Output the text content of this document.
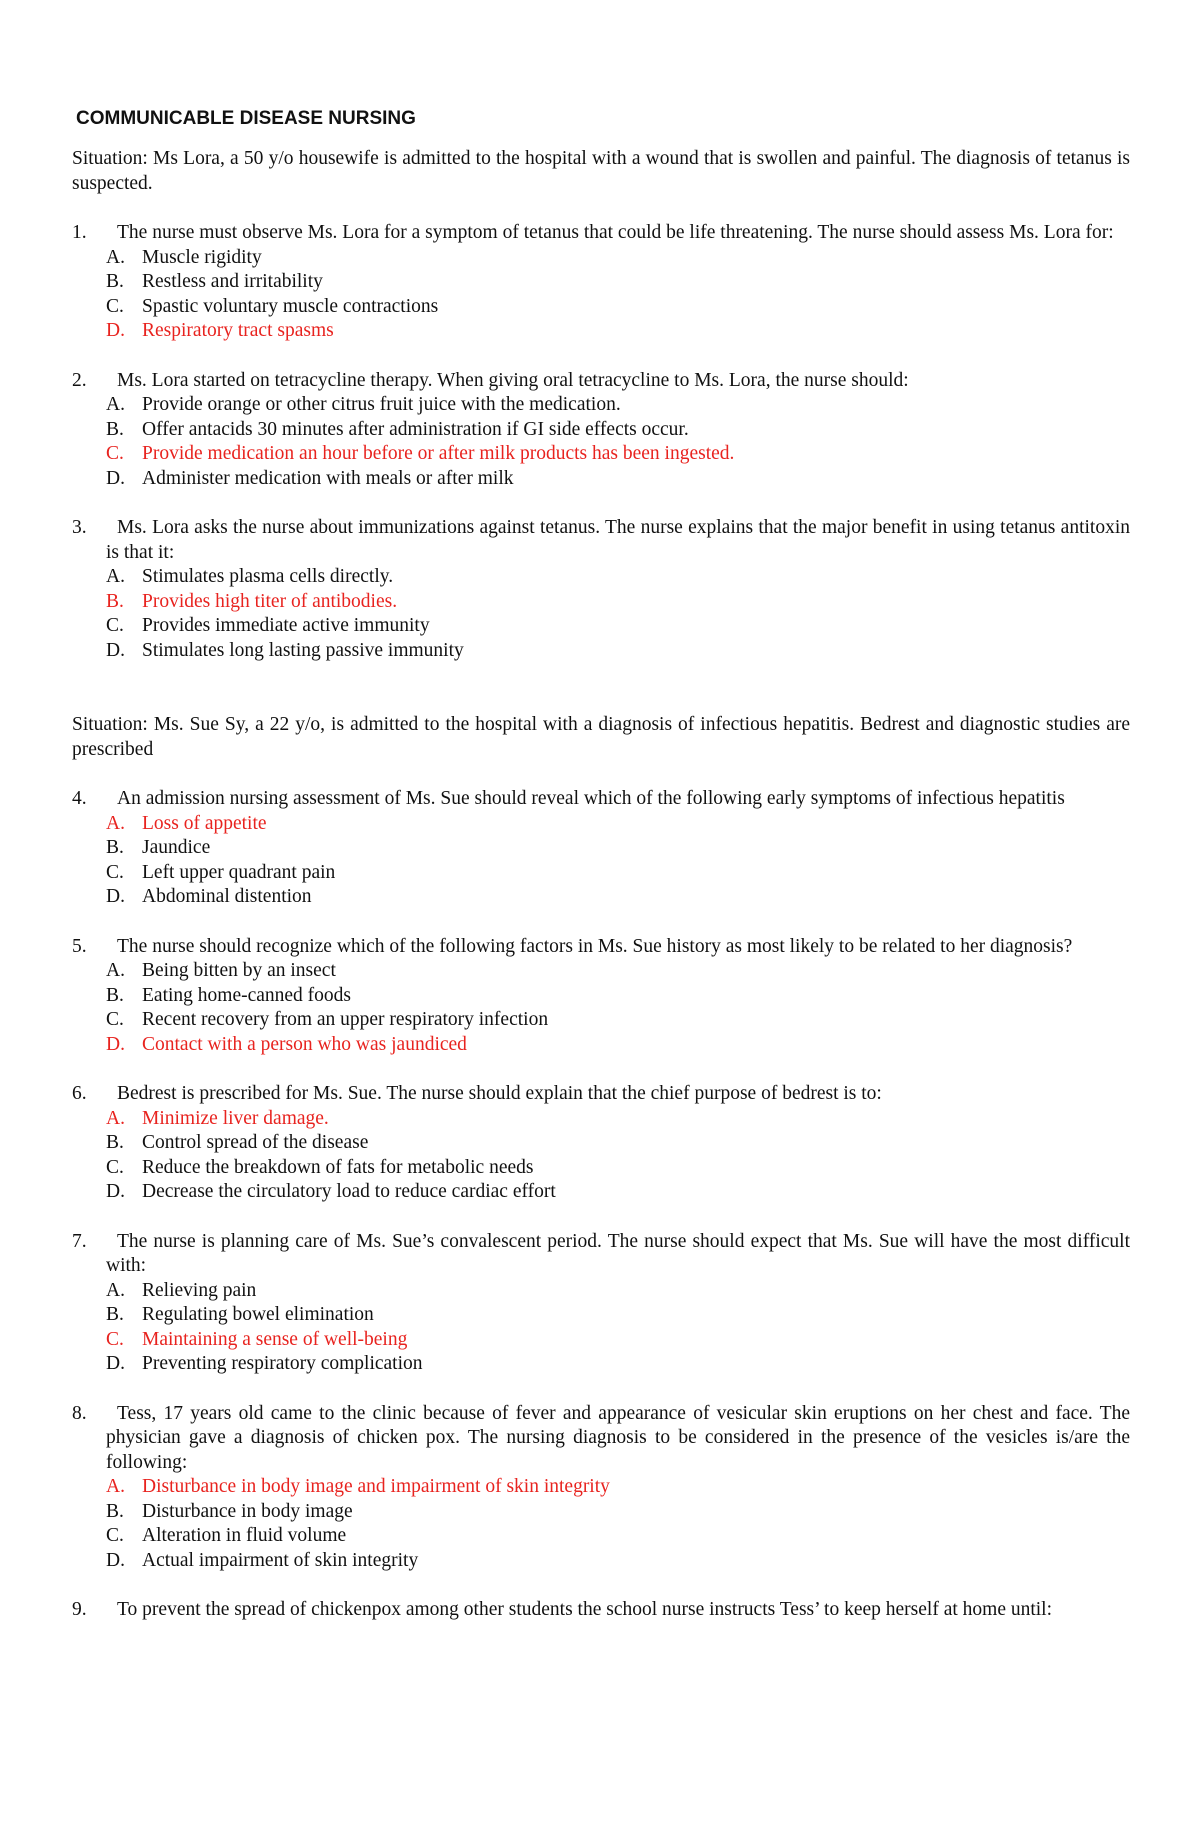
COMMUNICABLE DISEASE NURSING

Situation: Ms Lora, a 50 y/o housewife is admitted to the hospital with a wound that is swollen and painful. The diagnosis of tetanus is suspected.

1.	The nurse must observe Ms. Lora for a symptom of tetanus that could be life threatening. The nurse should assess Ms. Lora for:
A. Muscle rigidity
B. Restless and irritability
C. Spastic voluntary muscle contractions
D. Respiratory tract spasms
2.	Ms. Lora started on tetracycline therapy. When giving oral tetracycline to Ms. Lora, the nurse should:
A. Provide orange or other citrus fruit juice with the medication.
B. Offer antacids 30 minutes after administration if GI side effects occur.
C. Provide medication an hour before or after milk products has been ingested.
D. Administer medication with meals or after milk
3.	Ms. Lora asks the nurse about immunizations against tetanus. The nurse explains that the major benefit in using tetanus antitoxin is that it:
A. Stimulates plasma cells directly.
B. Provides high titer of antibodies.
C. Provides immediate active immunity
D. Stimulates long lasting passive immunity

Situation: Ms. Sue Sy, a 22 y/o, is admitted to the hospital with a diagnosis of infectious hepatitis. Bedrest and diagnostic studies are prescribed

4.	An admission nursing assessment of Ms. Sue should reveal which of the following early symptoms of infectious hepatitis
A. Loss of appetite
B. Jaundice
C. Left upper quadrant pain
D. Abdominal distention
5.	The nurse should recognize which of the following factors in Ms. Sue history as most likely to be related to her diagnosis?
A. Being bitten by an insect
B. Eating home-canned foods
C. Recent recovery from an upper respiratory infection
D. Contact with a person who was jaundiced
6.	Bedrest is prescribed for Ms. Sue. The nurse should explain that the chief purpose of bedrest is to:
A. Minimize liver damage.
B. Control spread of the disease
C. Reduce the breakdown of fats for metabolic needs
D. Decrease the circulatory load to reduce cardiac effort
7.	The nurse is planning care of Ms. Sue’s convalescent period. The nurse should expect that Ms. Sue will have the most difficult with:
A. Relieving pain
B. Regulating bowel elimination
C. Maintaining a sense of well-being
D. Preventing respiratory complication
8.	Tess, 17 years old came to the clinic because of fever and appearance of vesicular skin eruptions on her chest and face. The physician gave a diagnosis of chicken pox. The nursing diagnosis to be considered in the presence of the vesicles is/are the following:
A. Disturbance in body image and impairment of skin integrity
B. Disturbance in body image
C. Alteration in fluid volume
D. Actual impairment of skin integrity
9.	To prevent the spread of chickenpox among other students the school nurse instructs Tess’ to keep herself at home until:
